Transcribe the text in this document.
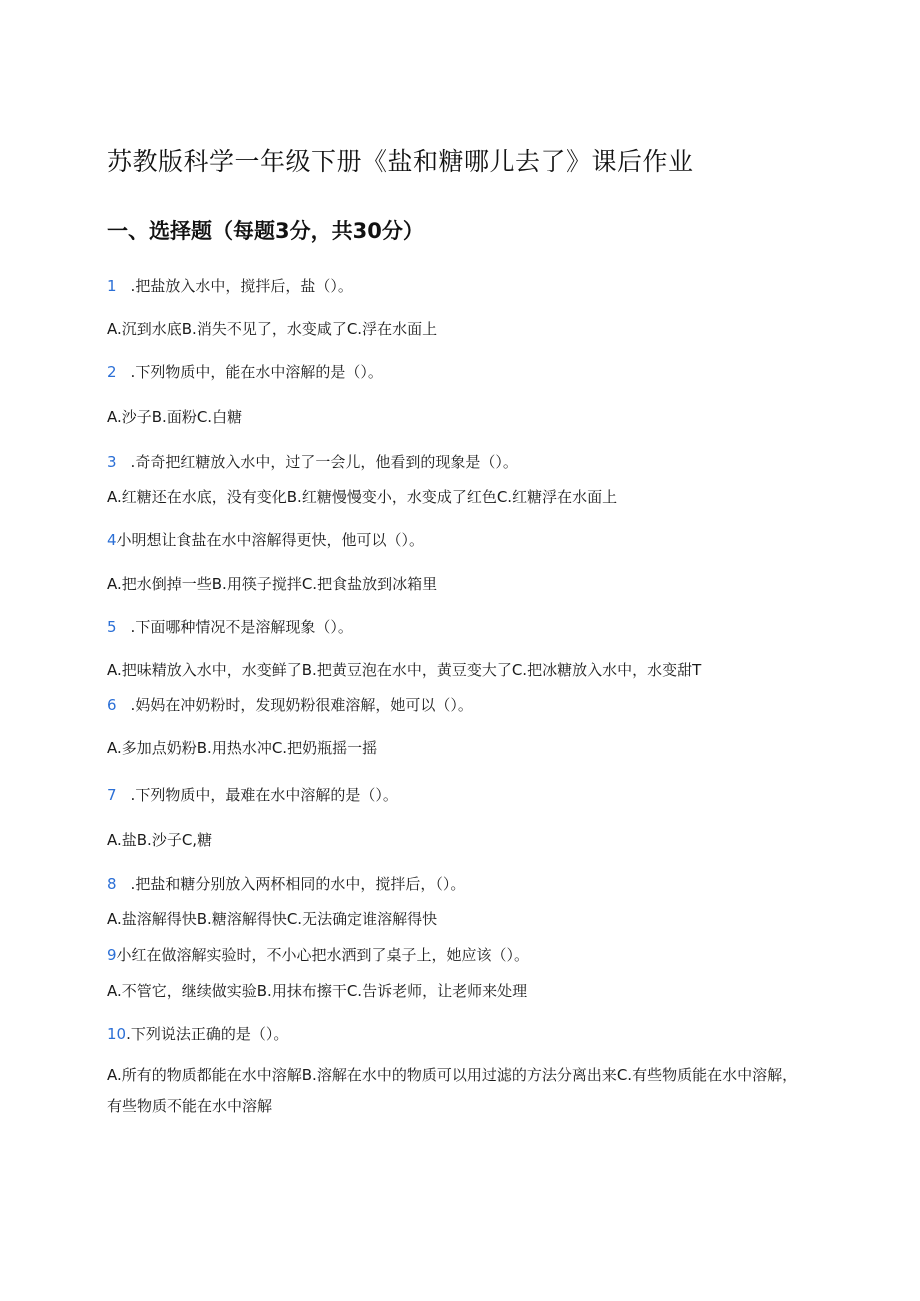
苏教版科学一年级下册《盐和糖哪儿去了》课后作业
一、选择题（每题3分，共30分）
1 .把盐放入水中，搅拌后，盐（）。
A.沉到水底B.消失不见了，水变咸了C.浮在水面上
2 .下列物质中，能在水中溶解的是（）。
A.沙子B.面粉C.白糖
3 .奇奇把红糖放入水中，过了一会儿，他看到的现象是（）。
A.红糖还在水底，没有变化B.红糖慢慢变小，水变成了红色C.红糖浮在水面上
4小明想让食盐在水中溶解得更快，他可以（）。
A.把水倒掉一些B.用筷子搅拌C.把食盐放到冰箱里
5 .下面哪种情况不是溶解现象（）。
A.把味精放入水中，水变鲜了B.把黄豆泡在水中，黄豆变大了C.把冰糖放入水中，水变甜T
6 .妈妈在冲奶粉时，发现奶粉很难溶解，她可以（）。
A.多加点奶粉B.用热水冲C.把奶瓶摇一摇
7 .下列物质中，最难在水中溶解的是（）。
A.盐B.沙子C,糖
8 .把盐和糖分别放入两杯相同的水中，搅拌后，（）。
A.盐溶解得快B.糖溶解得快C.无法确定谁溶解得快
9小红在做溶解实验时，不小心把水洒到了桌子上，她应该（）。
A.不管它，继续做实验B.用抹布擦干C.告诉老师，让老师来处理
10.下列说法正确的是（）。
A.所有的物质都能在水中溶解B.溶解在水中的物质可以用过滤的方法分离出来C.有些物质能在水中溶解，有些物质不能在水中溶解
